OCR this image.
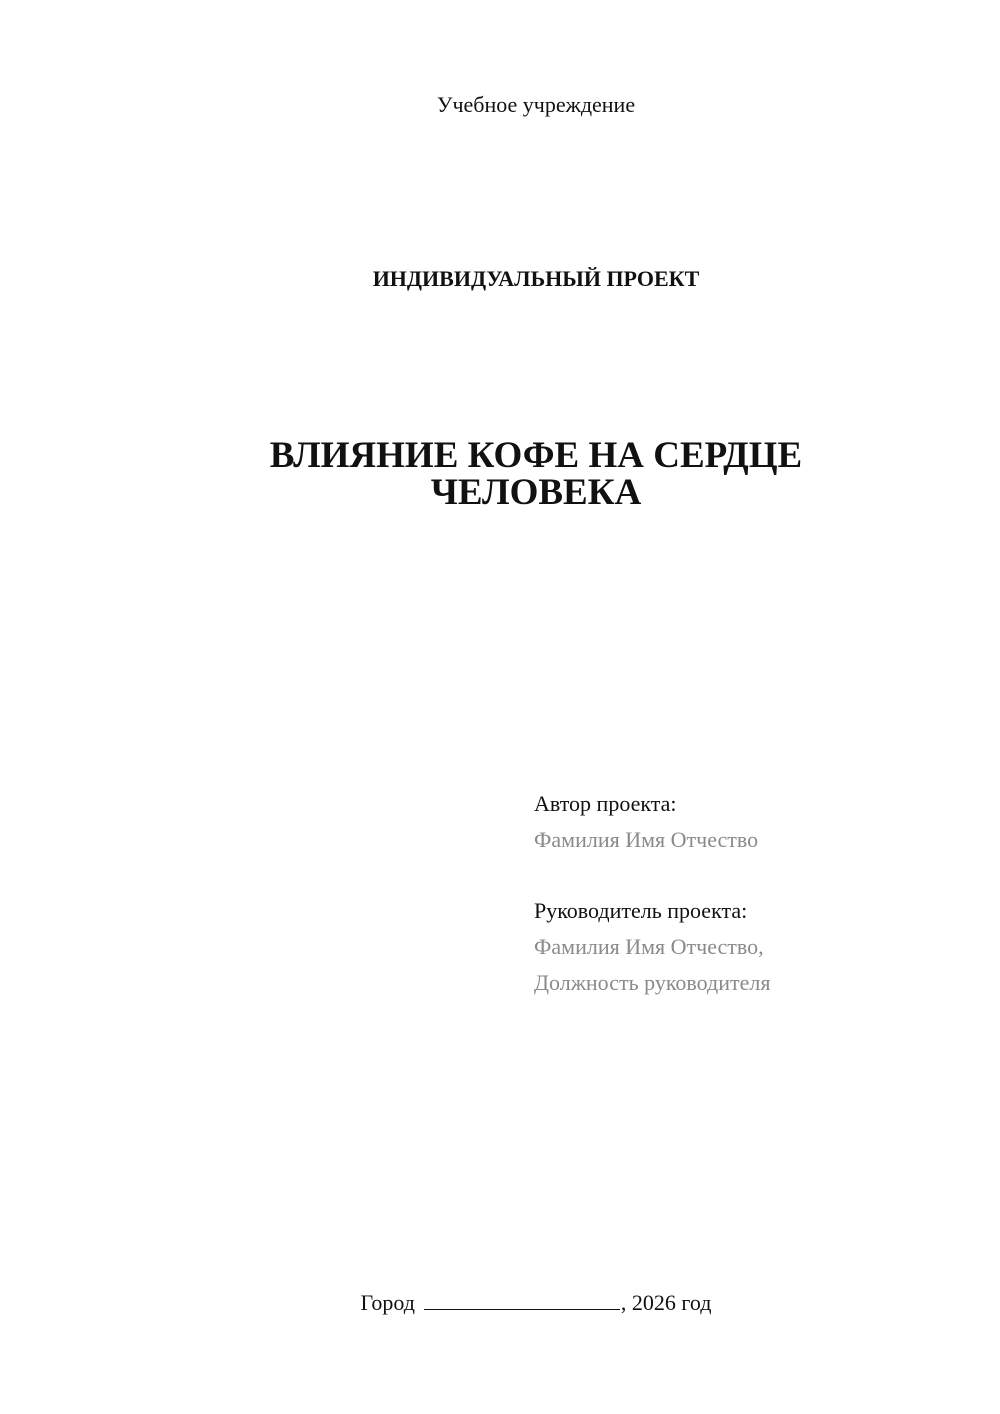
Учебное учреждение
ИНДИВИДУАЛЬНЫЙ ПРОЕКТ
ВЛИЯНИЕ КОФЕ НА СЕРДЦЕ
ЧЕЛОВЕКА
Автор проекта:
Фамилия Имя Отчество
Руководитель проекта:
Фамилия Имя Отчество,
Должность руководителя
Город	, 2026 год
